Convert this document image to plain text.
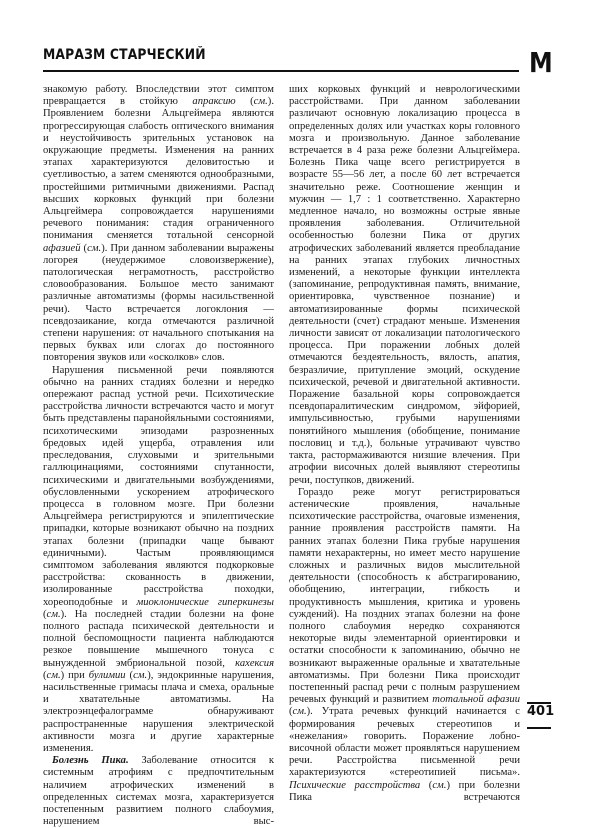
МАРАЗМ СТАРЧЕСКИЙ	М

знакомую работу. Впоследствии этот симптом превращается в стойкую апраксию (см.). Проявлением болезни Альцгеймера являются прогрессирующая слабость оптического внимания и неустойчивость зрительных установок на окружающие предметы. Изменения на ранних этапах характеризуются деловитостью и суетливостью, а затем сменяются однообразными, простейшими ритмичными движениями. Распад высших корковых функций при болезни Альцгеймера сопровождается нарушениями речевого понимания: стадия ограниченного понимания сменяется тотальной сенсорной афазией (см.). При данном заболевании выражены логорея (неудержимое словоизвержение), патологическая неграмотность, расстройство словообразования. Большое место занимают различные автоматизмы (формы насильственной речи). Часто встречается логоклония — псевдозаикание, когда отмечаются различной степени нарушения: от начального спотыкания на первых буквах или слогах до постоянного повторения звуков или «осколков» слов.

Нарушения письменной речи появляются обычно на ранних стадиях болезни и нередко опережают распад устной речи. Психотические расстройства личности встречаются часто и могут быть представлены паранойяльными состояниями, психотическими эпизодами разрозненных бредовых идей ущерба, отравления или преследования, слуховыми и зрительными галлюцинациями, состояниями спутанности, психическими и двигательными возбуждениями, обусловленными ускорением атрофического процесса в головном мозге. При болезни Альцгеймера регистрируются и эпилептические припадки, которые возникают обычно на поздних этапах болезни (припадки чаще бывают единичными). Частым проявляющимся симптомом заболевания являются подкорковые расстройства: скованность в движении, изолированные расстройства походки, хореоподобные и миоклонические гиперкинезы (см.). На последней стадии болезни на фоне полного распада психической деятельности и полной беспомощности пациента наблюдаются резкое повышение мышечного тонуса с вынужденной эмбриональной позой, кахексия (см.) при булимии (см.), эндокринные нарушения, насильственные гримасы плача и смеха, оральные и хватательные автоматизмы. На электроэнцефалограмме обнаруживают распространенные нарушения электрической активности мозга и другие характерные изменения.

Болезнь Пика. Заболевание относится к системным атрофиям с предпочтительным наличием атрофических изменений в определенных системах мозга, характеризуется постепенным развитием полного слабоумия, нарушением выс-

ших корковых функций и неврологическими расстройствами. При данном заболевании различают основную локализацию процесса в определенных долях или участках коры головного мозга и произвольную. Данное заболевание встречается в 4 раза реже болезни Альцгеймера. Болезнь Пика чаще всего регистрируется в возрасте 55—56 лет, а после 60 лет встречается значительно реже. Соотношение женщин и мужчин — 1,7 : 1 соответственно. Характерно медленное начало, но возможны острые явные проявления заболевания. Отличительной особенностью болезни Пика от других атрофических заболеваний является преобладание на ранних этапах глубоких личностных изменений, а некоторые функции интеллекта (запоминание, репродуктивная память, внимание, ориентировка, чувственное познание) и автоматизированные формы психической деятельности (счет) страдают меньше. Изменения личности зависят от локализации патологического процесса. При поражении лобных долей отмечаются бездеятельность, вялость, апатия, безразличие, притупление эмоций, оскудение психической, речевой и двигательной активности. Поражение базальной коры сопровождается псевдопаралитическим синдромом, эйфорией, импульсивностью, грубыми нарушениями понятийного мышления (обобщение, понимание пословиц и т.д.), больные утрачивают чувство такта, растормаживаются низшие влечения. При атрофии височных долей выявляют стереотипы речи, поступков, движений.

Гораздо реже могут регистрироваться астенические проявления, начальные психотические расстройства, очаговые изменения, ранние проявления расстройств памяти. На ранних этапах болезни Пика грубые нарушения памяти нехарактерны, но имеет место нарушение сложных и различных видов мыслительной деятельности (способность к абстрагированию, обобщению, интеграции, гибкость и продуктивность мышления, критика и уровень суждений). На поздних этапах болезни на фоне полного слабоумия нередко сохраняются некоторые виды элементарной ориентировки и остатки способности к запоминанию, обычно не возникают выраженные оральные и хватательные автоматизмы. При болезни Пика происходит постепенный распад речи с полным разрушением речевых функций и развитием тотальной афазии (см.). Утрата речевых функций начинается с формирования речевых стереотипов и «нежелания» говорить. Поражение лобно-височной области может проявляться нарушением речи. Расстройства письменной речи характеризуются «стереотипией письма». Психические расстройства (см.) при болезни Пика встречаются

401
